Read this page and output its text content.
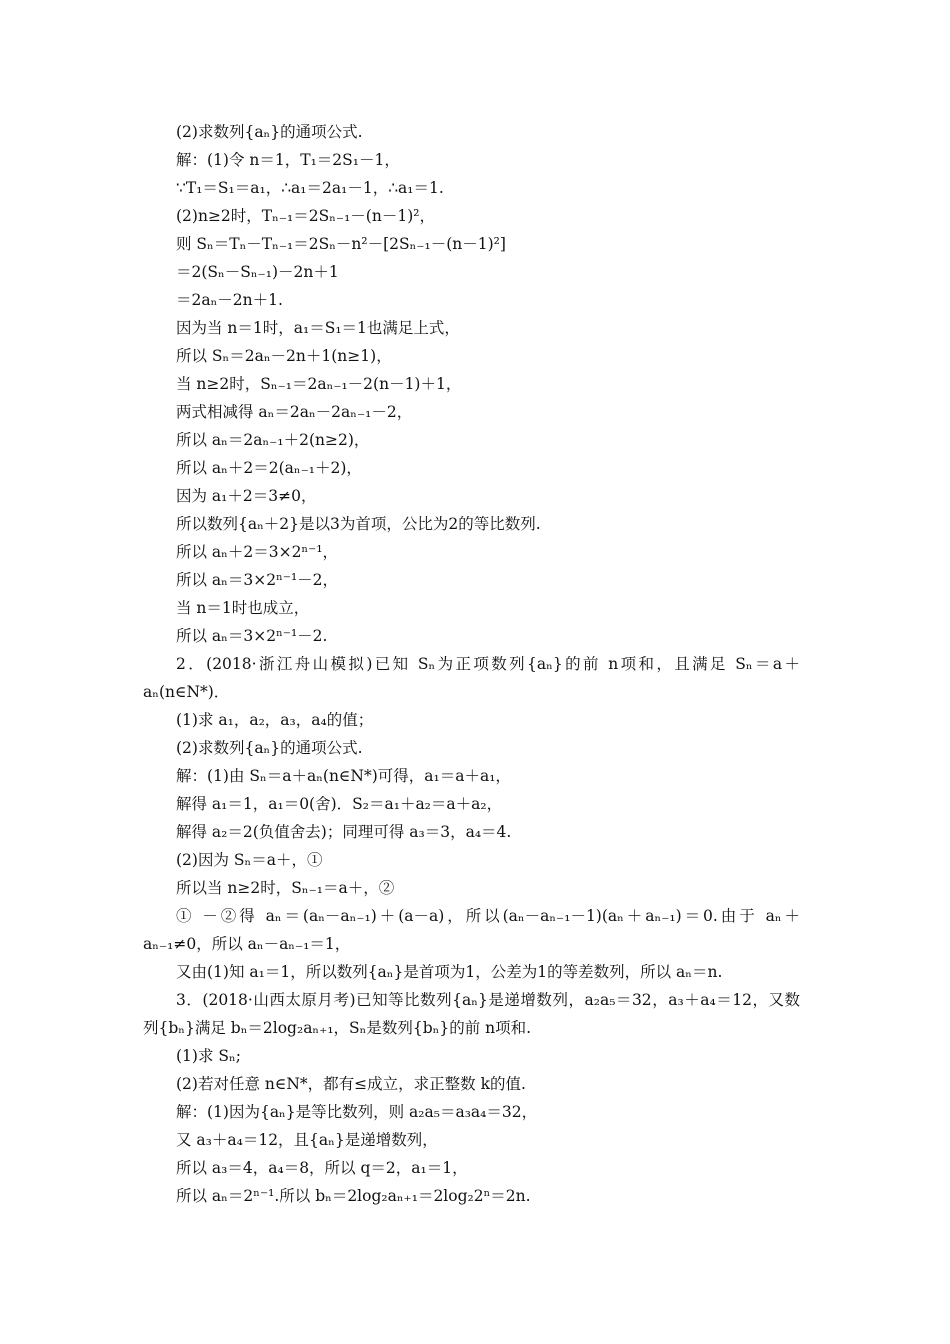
(2)求数列{aₙ}的通项公式.
解：(1)令 n＝1，T₁＝2S₁－1，
∵T₁＝S₁＝a₁，∴a₁＝2a₁－1，∴a₁＝1.
(2)n≥2时，Tₙ₋₁＝2Sₙ₋₁－(n－1)²，
则 Sₙ＝Tₙ－Tₙ₋₁＝2Sₙ－n²－[2Sₙ₋₁－(n－1)²]
＝2(Sₙ－Sₙ₋₁)－2n＋1
＝2aₙ－2n＋1.
因为当 n＝1时，a₁＝S₁＝1也满足上式，
所以 Sₙ＝2aₙ－2n＋1(n≥1)，
当 n≥2时，Sₙ₋₁＝2aₙ₋₁－2(n－1)＋1，
两式相减得 aₙ＝2aₙ－2aₙ₋₁－2，
所以 aₙ＝2aₙ₋₁＋2(n≥2)，
所以 aₙ＋2＝2(aₙ₋₁＋2)，
因为 a₁＋2＝3≠0，
所以数列{aₙ＋2}是以3为首项，公比为2的等比数列.
所以 aₙ＋2＝3×2ⁿ⁻¹，
所以 aₙ＝3×2ⁿ⁻¹－2，
当 n＝1时也成立，
所以 aₙ＝3×2ⁿ⁻¹－2.
2．(2018·浙江舟山模拟)已知 Sₙ为正项数列{aₙ}的前 n项和，且满足 Sₙ＝a＋
aₙ(n∈N*)．
(1)求 a₁，a₂，a₃，a₄的值；
(2)求数列{aₙ}的通项公式.
解：(1)由 Sₙ＝a＋aₙ(n∈N*)可得，a₁＝a＋a₁，
解得 a₁＝1，a₁＝0(舍)．S₂＝a₁＋a₂＝a＋a₂，
解得 a₂＝2(负值舍去)；同理可得 a₃＝3，a₄＝4.
(2)因为 Sₙ＝a＋，①
所以当 n≥2时，Sₙ₋₁＝a＋，②
① －②得 aₙ＝(aₙ－aₙ₋₁)＋(a－a)，所以(aₙ－aₙ₋₁－1)(aₙ＋aₙ₋₁)＝0.由于 aₙ＋
aₙ₋₁≠0，所以 aₙ－aₙ₋₁＝1，
又由(1)知 a₁＝1，所以数列{aₙ}是首项为1，公差为1的等差数列，所以 aₙ＝n.
3．(2018·山西太原月考)已知等比数列{aₙ}是递增数列，a₂a₅＝32，a₃＋a₄＝12，又数
列{bₙ}满足 bₙ＝2log₂aₙ₊₁，Sₙ是数列{bₙ}的前 n项和.
(1)求 Sₙ;
(2)若对任意 n∈N*，都有≤成立，求正整数 k的值.
解：(1)因为{aₙ}是等比数列，则 a₂a₅＝a₃a₄＝32，
又 a₃＋a₄＝12，且{aₙ}是递增数列，
所以 a₃＝4，a₄＝8，所以 q＝2，a₁＝1，
所以 aₙ＝2ⁿ⁻¹.所以 bₙ＝2log₂aₙ₊₁＝2log₂2ⁿ＝2n.
